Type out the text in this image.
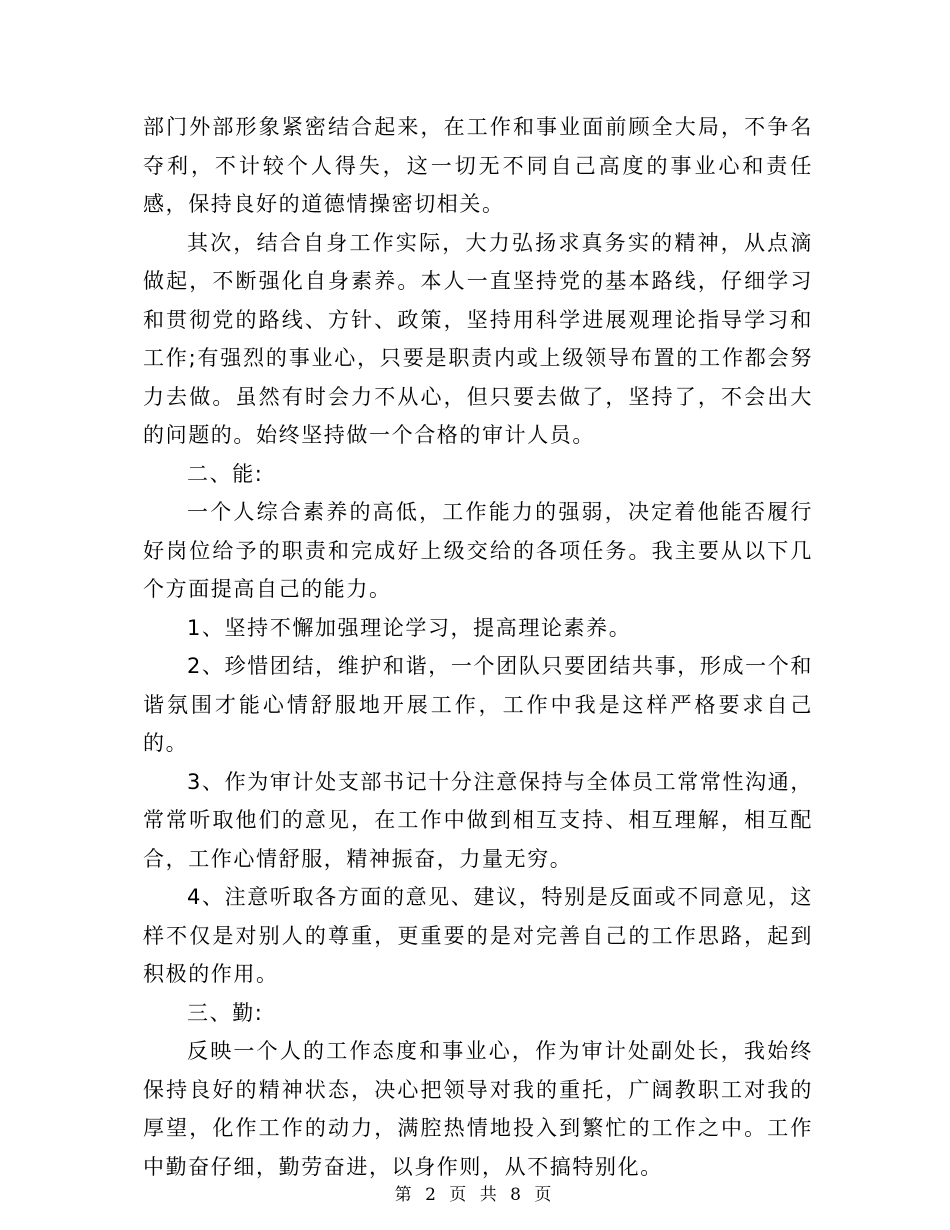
部门外部形象紧密结合起来，在工作和事业面前顾全大局，不争名夺利，不计较个人得失，这一切无不同自己高度的事业心和责任感，保持良好的道德情操密切相关。

其次，结合自身工作实际，大力弘扬求真务实的精神，从点滴做起，不断强化自身素养。本人一直坚持党的基本路线，仔细学习和贯彻党的路线、方针、政策，坚持用科学进展观理论指导学习和工作;有强烈的事业心，只要是职责内或上级领导布置的工作都会努力去做。虽然有时会力不从心，但只要去做了，坚持了，不会出大的问题的。始终坚持做一个合格的审计人员。

二、能:

一个人综合素养的高低，工作能力的强弱，决定着他能否履行好岗位给予的职责和完成好上级交给的各项任务。我主要从以下几个方面提高自己的能力。

1、坚持不懈加强理论学习，提高理论素养。

2、珍惜团结，维护和谐，一个团队只要团结共事，形成一个和谐氛围才能心情舒服地开展工作，工作中我是这样严格要求自己的。

3、作为审计处支部书记十分注意保持与全体员工常常性沟通，常常听取他们的意见，在工作中做到相互支持、相互理解，相互配合，工作心情舒服，精神振奋，力量无穷。

4、注意听取各方面的意见、建议，特别是反面或不同意见，这样不仅是对别人的尊重，更重要的是对完善自己的工作思路，起到积极的作用。

三、勤:

反映一个人的工作态度和事业心，作为审计处副处长，我始终保持良好的精神状态，决心把领导对我的重托，广阔教职工对我的厚望，化作工作的动力，满腔热情地投入到繁忙的工作之中。工作中勤奋仔细，勤劳奋进，以身作则，从不搞特别化。

第 2 页 共 8 页
